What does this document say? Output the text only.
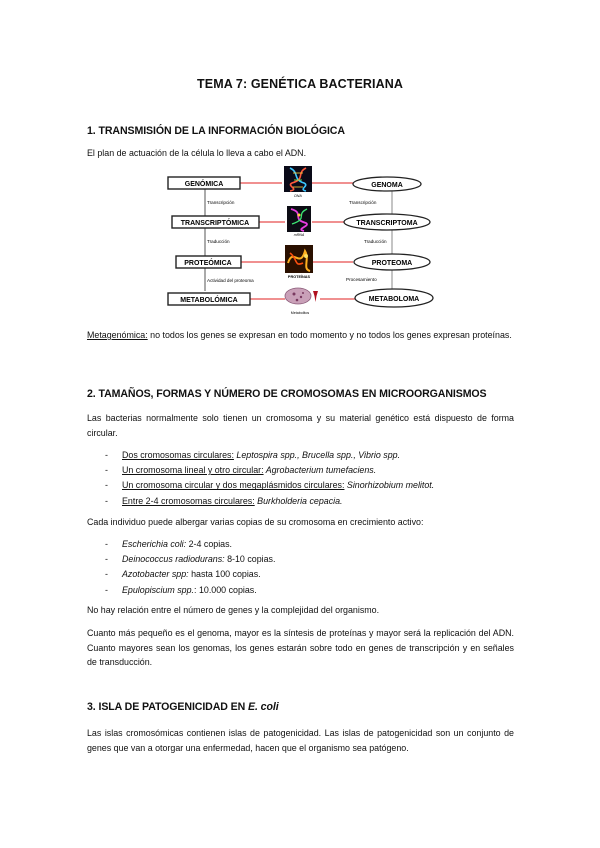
TEMA 7: GENÉTICA BACTERIANA
1. TRANSMISIÓN DE LA INFORMACIÓN BIOLÓGICA
El plan de actuación de la célula lo lleva a cabo el ADN.
GENÓMICA
TRANSCRIPTÓMICA
PROTEÓMICA
METABOLÓMICA
Transcripción
Traducción
Actividad del proteoma
GENOMA
TRANSCRIPTOMA
PROTEOMA
METABOLOMA
Transcripción
Traducción
Procesamiento
DNA
mRNA
PROTEÍNAS
Metabolitos
Metagenómica: no todos los genes se expresan en todo momento y no todos los genes expresan proteínas.
2. TAMAÑOS, FORMAS Y NÚMERO DE CROMOSOMAS EN MICROORGANISMOS
Las bacterias normalmente solo tienen un cromosoma y su material genético está dispuesto de forma circular.
- Dos cromosomas circulares: Leptospira spp., Brucella spp., Vibrio spp.
- Un cromosoma lineal y otro circular: Agrobacterium tumefaciens.
- Un cromosoma circular y dos megaplásmidos circulares: Sinorhizobium melitot.
- Entre 2-4 cromosomas circulares: Burkholderia cepacia.
Cada individuo puede albergar varias copias de su cromosoma en crecimiento activo:
- Escherichia coli: 2-4 copias.
- Deinococcus radiodurans: 8-10 copias.
- Azotobacter spp: hasta 100 copias.
- Epulopiscium spp.: 10.000 copias.
No hay relación entre el número de genes y la complejidad del organismo.
Cuanto más pequeño es el genoma, mayor es la síntesis de proteínas y mayor será la replicación del ADN. Cuanto mayores sean los genomas, los genes estarán sobre todo en genes de transcripción y en señales de transducción.
3. ISLA DE PATOGENICIDAD EN E. coli
Las islas cromosómicas contienen islas de patogenicidad. Las islas de patogenicidad son un conjunto de genes que van a otorgar una enfermedad, hacen que el organismo sea patógeno.
